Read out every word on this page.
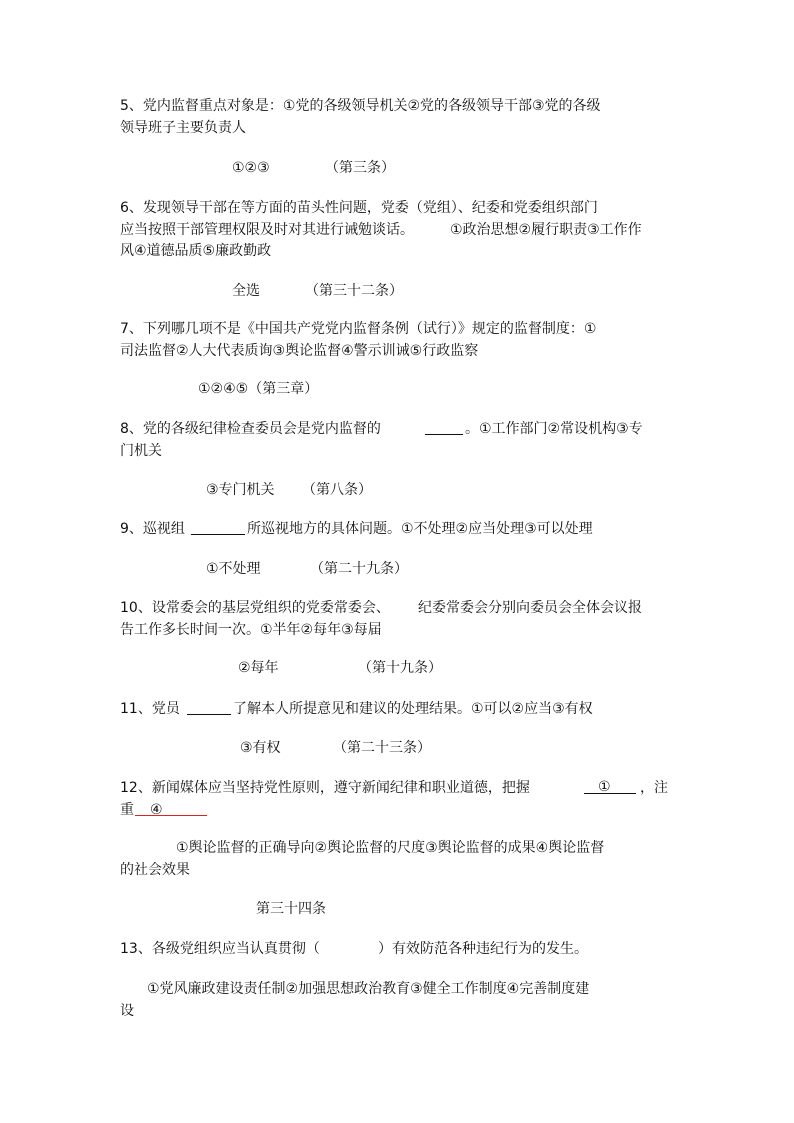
5、党内监督重点对象是：①党的各级领导机关②党的各级领导干部③党的各级
领导班子主要负责人
①②③	（第三条）
6、发现领导干部在等方面的苗头性问题，党委（党组）、纪委和党委组织部门
应当按照干部管理权限及时对其进行诫勉谈话。	①政治思想②履行职责③工作作
风④道德品质⑤廉政勤政
全选	（第三十二条）
7、下列哪几项不是《中国共产党党内监督条例（试行）》规定的监督制度：①
司法监督②人大代表质询③舆论监督④警示训诫⑤行政监察
①②④⑤（第三章）
8、党的各级纪律检查委员会是党内监督的	。①工作部门②常设机构③专
门机关
③专门机关 （第八条）
9、巡视组	所巡视地方的具体问题。①不处理②应当处理③可以处理
①不处理	（第二十九条）
10、设常委会的基层党组织的党委常委会、 纪委常委会分别向委员会全体会议报
告工作多长时间一次。①半年②每年③每届
②每年	（第十九条）
11、党员	了解本人所提意见和建议的处理结果。①可以②应当③有权
③有权	（第二十三条）
12、新闻媒体应当坚持党性原则，遵守新闻纪律和职业道德，把握	① ，注
重 ④
①舆论监督的正确导向②舆论监督的尺度③舆论监督的成果④舆论监督
的社会效果
第三十四条
13、各级党组织应当认真贯彻（	）有效防范各种违纪行为的发生。
①党风廉政建设责任制②加强思想政治教育③健全工作制度④完善制度建
设
